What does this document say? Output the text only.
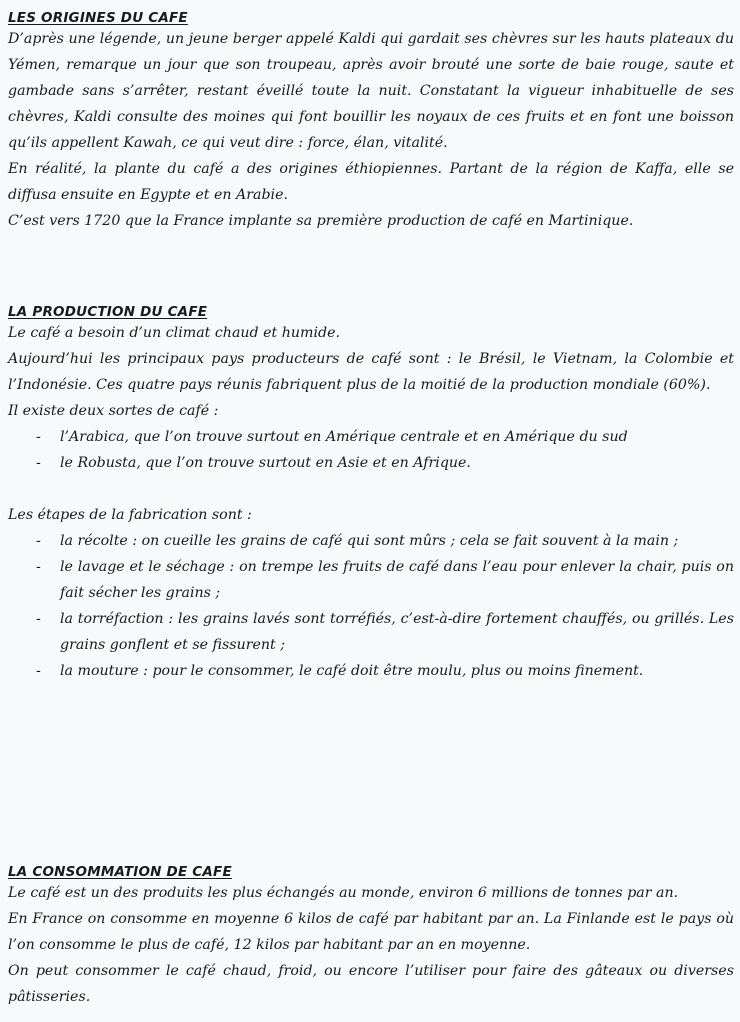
LES ORIGINES DU CAFE

D’après une légende, un jeune berger appelé Kaldi qui gardait ses chèvres sur les hauts plateaux du Yémen, remarque un jour que son troupeau, après avoir brouté une sorte de baie rouge, saute et gambade sans s’arrêter, restant éveillé toute la nuit. Constatant la vigueur inhabituelle de ses chèvres, Kaldi consulte des moines qui font bouillir les noyaux de ces fruits et en font une boisson qu’ils appellent Kawah, ce qui veut dire : force, élan, vitalité.

En réalité, la plante du café a des origines éthiopiennes. Partant de la région de Kaffa, elle se diffusa ensuite en Egypte et en Arabie.

C’est vers 1720 que la France implante sa première production de café en Martinique.

LA PRODUCTION DU CAFE

Le café a besoin d’un climat chaud et humide.

Aujourd’hui les principaux pays producteurs de café sont : le Brésil, le Vietnam, la Colombie et l’Indonésie. Ces quatre pays réunis fabriquent plus de la moitié de la production mondiale (60%).

Il existe deux sortes de café :

- l’Arabica, que l’on trouve surtout en Amérique centrale et en Amérique du sud
- le Robusta, que l’on trouve surtout en Asie et en Afrique.

Les étapes de la fabrication sont :

- la récolte : on cueille les grains de café qui sont mûrs ; cela se fait souvent à la main ;
- le lavage et le séchage : on trempe les fruits de café dans l’eau pour enlever la chair, puis on fait sécher les grains ;
- la torréfaction : les grains lavés sont torréfiés, c’est-à-dire fortement chauffés, ou grillés. Les grains gonflent et se fissurent ;
- la mouture : pour le consommer, le café doit être moulu, plus ou moins finement.
LA CONSOMMATION DE CAFE

Le café est un des produits les plus échangés au monde, environ 6 millions de tonnes par an.

En France on consomme en moyenne 6 kilos de café par habitant par an. La Finlande est le pays où l’on consomme le plus de café, 12 kilos par habitant par an en moyenne.

On peut consommer le café chaud, froid, ou encore l’utiliser pour faire des gâteaux ou diverses pâtisseries.
